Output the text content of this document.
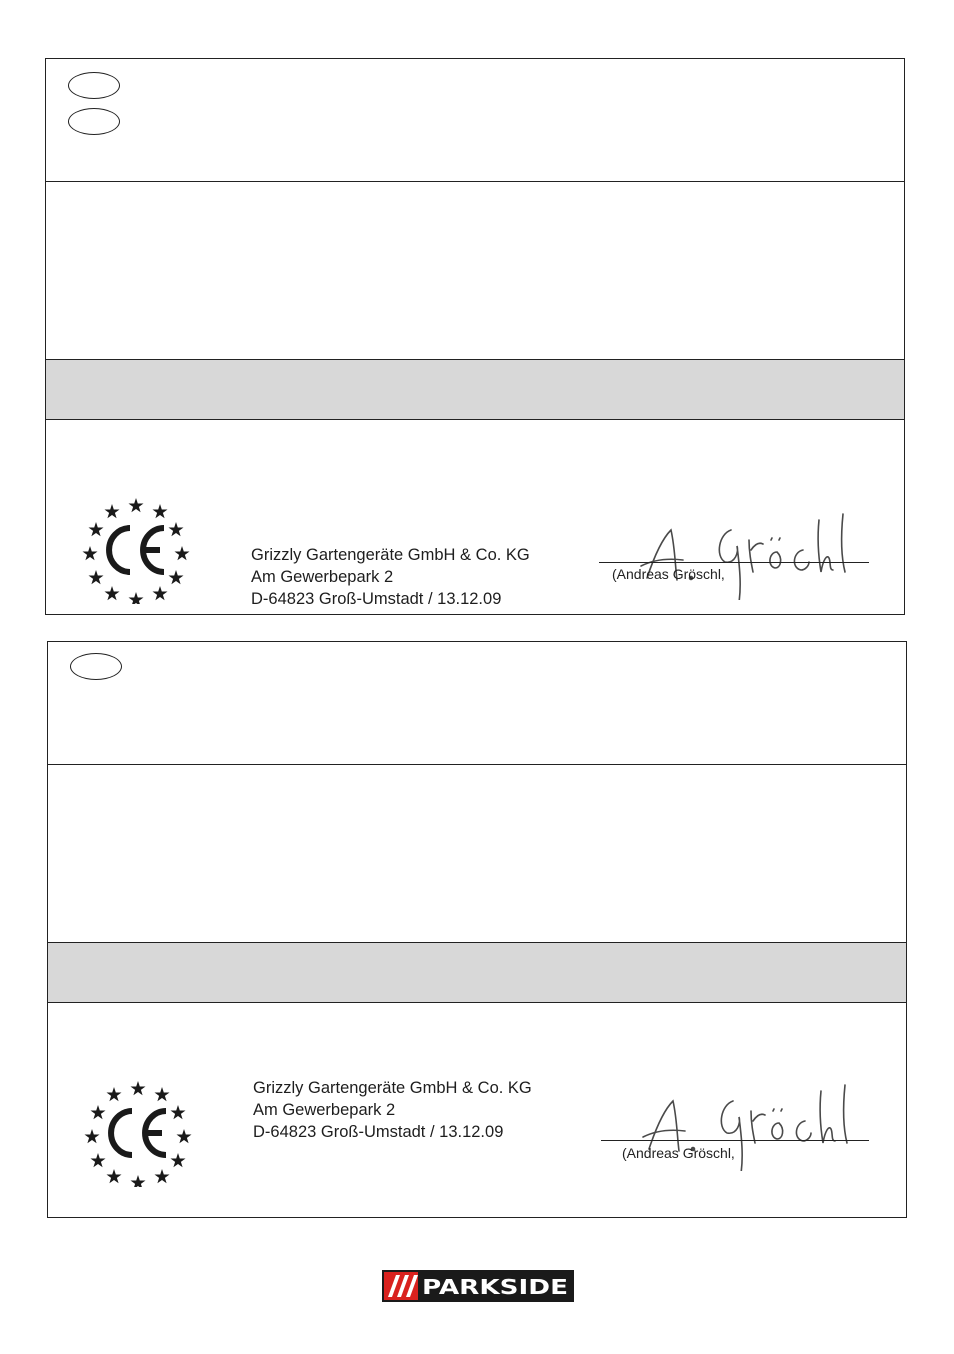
Grizzly Gartengeräte GmbH & Co. KG
Am Gewerbepark 2
D-64823 Groß-Umstadt / 13.12.09
(Andreas Gröschl,
Grizzly Gartengeräte GmbH & Co. KG
Am Gewerbepark 2
D-64823 Groß-Umstadt / 13.12.09
(Andreas Gröschl,
PARKSIDE
